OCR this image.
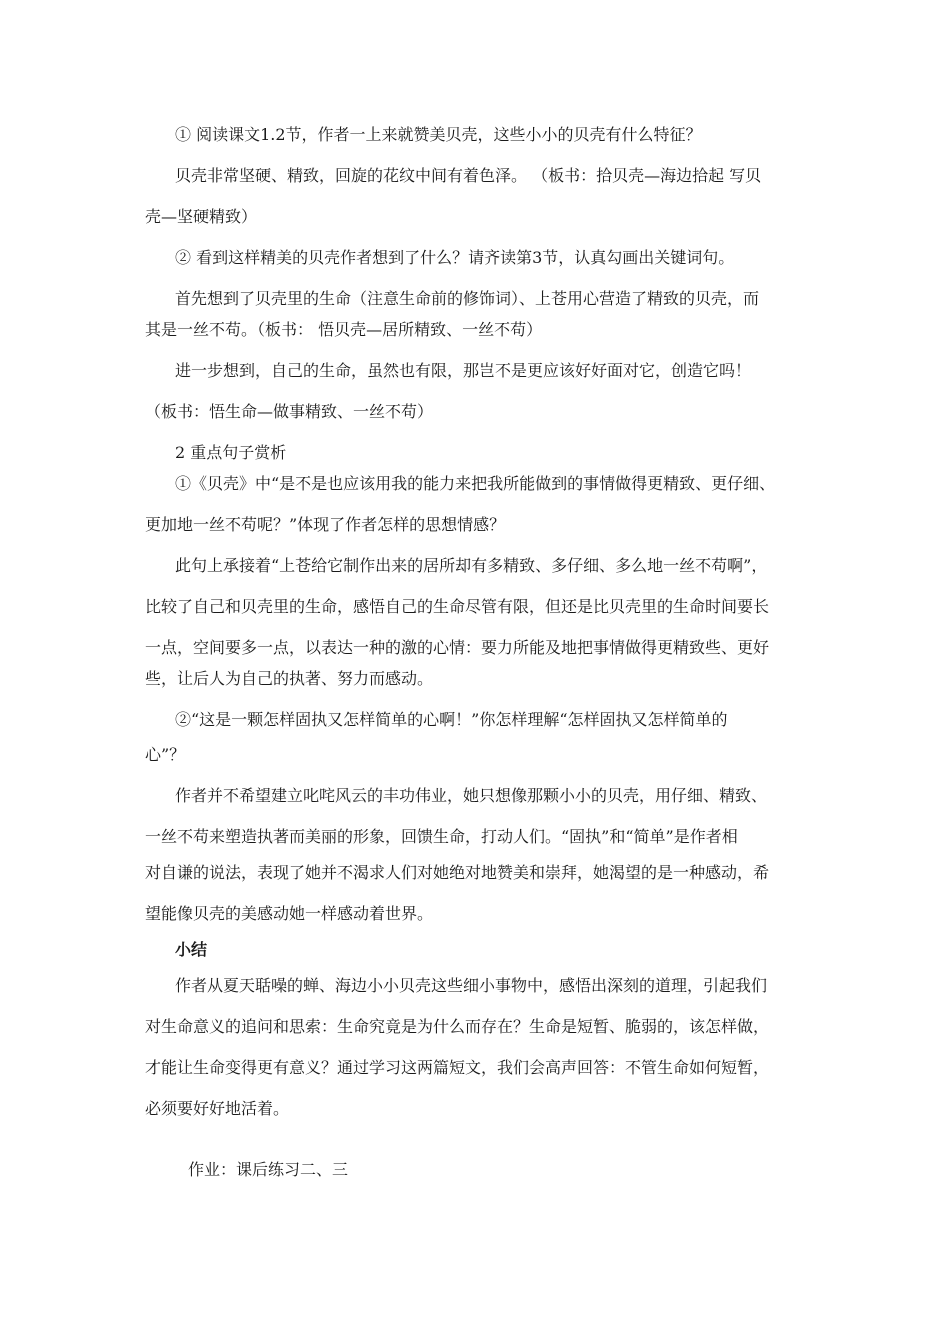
① 阅读课文1.2节，作者一上来就赞美贝壳，这些小小的贝壳有什么特征？

贝壳非常坚硬、精致，回旋的花纹中间有着色泽。 （板书：拾贝壳—海边拾起 写贝

壳—坚硬精致）

② 看到这样精美的贝壳作者想到了什么？请齐读第3节，认真勾画出关键词句。

首先想到了贝壳里的生命（注意生命前的修饰词）、上苍用心营造了精致的贝壳，而

其是一丝不苟。（板书： 悟贝壳—居所精致、一丝不苟）

进一步想到，自己的生命，虽然也有限，那岂不是更应该好好面对它，创造它吗！

（板书：悟生命—做事精致、一丝不苟）

2 重点句子赏析

①《贝壳》中“是不是也应该用我的能力来把我所能做到的事情做得更精致、更仔细、

更加地一丝不苟呢？”体现了作者怎样的思想情感？

此句上承接着“上苍给它制作出来的居所却有多精致、多仔细、多么地一丝不苟啊”，

比较了自己和贝壳里的生命，感悟自己的生命尽管有限，但还是比贝壳里的生命时间要长

一点，空间要多一点，以表达一种的激的心情：要力所能及地把事情做得更精致些、更好

些，让后人为自己的执著、努力而感动。

②“这是一颗怎样固执又怎样简单的心啊！”你怎样理解“怎样固执又怎样简单的

心”？

作者并不希望建立叱咤风云的丰功伟业，她只想像那颗小小的贝壳，用仔细、精致、

一丝不苟来塑造执著而美丽的形象，回馈生命，打动人们。“固执”和“简单”是作者相

对自谦的说法，表现了她并不渴求人们对她绝对地赞美和崇拜，她渴望的是一种感动，希

望能像贝壳的美感动她一样感动着世界。

小结

作者从夏天聒噪的蝉、海边小小贝壳这些细小事物中，感悟出深刻的道理，引起我们

对生命意义的追问和思索：生命究竟是为什么而存在？生命是短暂、脆弱的，该怎样做，

才能让生命变得更有意义？通过学习这两篇短文，我们会高声回答：不管生命如何短暂，

必须要好好地活着。

作业：课后练习二、三
